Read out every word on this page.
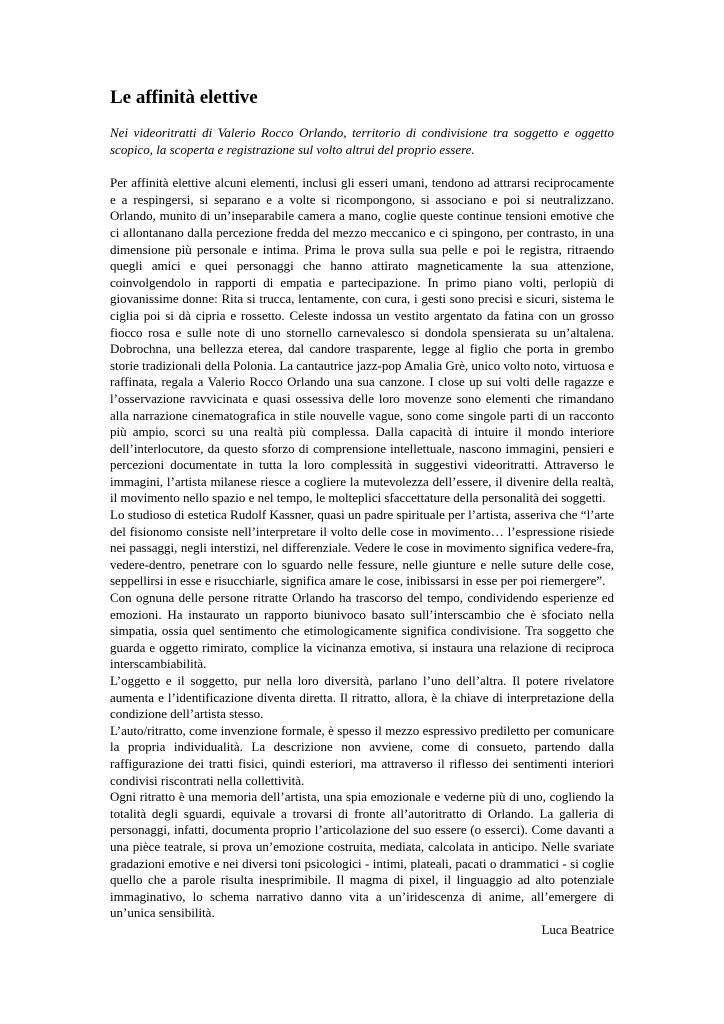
Le affinità elettive

Nei videoritratti di Valerio Rocco Orlando, territorio di condivisione tra soggetto e oggetto scopico, la scoperta e registrazione sul volto altrui del proprio essere.

Per affinità elettive alcuni elementi, inclusi gli esseri umani, tendono ad attrarsi reciprocamente e a respingersi, si separano e a volte si ricompongono, si associano e poi si neutralizzano. Orlando, munito di un’inseparabile camera a mano, coglie queste continue tensioni emotive che ci allontanano dalla percezione fredda del mezzo meccanico e ci spingono, per contrasto, in una dimensione più personale e intima. Prima le prova sulla sua pelle e poi le registra, ritraendo quegli amici e quei personaggi che hanno attirato magneticamente la sua attenzione, coinvolgendolo in rapporti di empatia e partecipazione. In primo piano volti, perlopiù di giovanissime donne: Rita si trucca, lentamente, con cura, i gesti sono precisi e sicuri, sistema le ciglia poi si dà cipria e rossetto. Celeste indossa un vestito argentato da fatina con un grosso fiocco rosa e sulle note di uno stornello carnevalesco si dondola spensierata su un’altalena. Dobrochna, una bellezza eterea, dal candore trasparente, legge al figlio che porta in grembo storie tradizionali della Polonia. La cantautrice jazz-pop Amalia Grè, unico volto noto, virtuosa e raffinata, regala a Valerio Rocco Orlando una sua canzone. I close up sui volti delle ragazze e l’osservazione ravvicinata e quasi ossessiva delle loro movenze sono elementi che rimandano alla narrazione cinematografica in stile nouvelle vague, sono come singole parti di un racconto più ampio, scorci su una realtà più complessa. Dalla capacità di intuire il mondo interiore dell’interlocutore, da questo sforzo di comprensione intellettuale, nascono immagini, pensieri e percezioni documentate in tutta la loro complessità in suggestivi videoritratti. Attraverso le immagini, l’artista milanese riesce a cogliere la mutevolezza dell’essere, il divenire della realtà, il movimento nello spazio e nel tempo, le molteplici sfaccettature della personalità dei soggetti.

Lo studioso di estetica Rudolf Kassner, quasi un padre spirituale per l’artista, asseriva che “l’arte del fisionomo consiste nell’interpretare il volto delle cose in movimento… l’espressione risiede nei passaggi, negli interstizi, nel differenziale. Vedere le cose in movimento significa vedere-fra, vedere-dentro, penetrare con lo sguardo nelle fessure, nelle giunture e nelle suture delle cose, seppellirsi in esse e risucchiarle, significa amare le cose, inibissarsi in esse per poi riemergere”.

Con ognuna delle persone ritratte Orlando ha trascorso del tempo, condividendo esperienze ed emozioni. Ha instaurato un rapporto biunivoco basato sull’interscambio che è sfociato nella simpatia, ossia quel sentimento che etimologicamente significa condivisione. Tra soggetto che guarda e oggetto rimirato, complice la vicinanza emotiva, si instaura una relazione di reciproca interscambiabilità.

L’oggetto e il soggetto, pur nella loro diversità, parlano l’uno dell’altra. Il potere rivelatore aumenta e l’identificazione diventa diretta. Il ritratto, allora, è la chiave di interpretazione della condizione dell’artista stesso.

L’auto/ritratto, come invenzione formale, è spesso il mezzo espressivo prediletto per comunicare la propria individualità. La descrizione non avviene, come di consueto, partendo dalla raffigurazione dei tratti fisici, quindi esteriori, ma attraverso il riflesso dei sentimenti interiori condivisi riscontrati nella collettività.

Ogni ritratto è una memoria dell’artista, una spia emozionale e vederne più di uno, cogliendo la totalità degli sguardi, equivale a trovarsi di fronte all’autoritratto di Orlando. La galleria di personaggi, infatti, documenta proprio l’articolazione del suo essere (o esserci). Come davanti a una pièce teatrale, si prova un’emozione costruita, mediata, calcolata in anticipo. Nelle svariate gradazioni emotive e nei diversi toni psicologici - intimi, plateali, pacati o drammatici - si coglie quello che a parole risulta inesprimibile. Il magma di pixel, il linguaggio ad alto potenziale immaginativo, lo schema narrativo danno vita a un’iridescenza di anime, all’emergere di un’unica sensibilità.

Luca Beatrice
